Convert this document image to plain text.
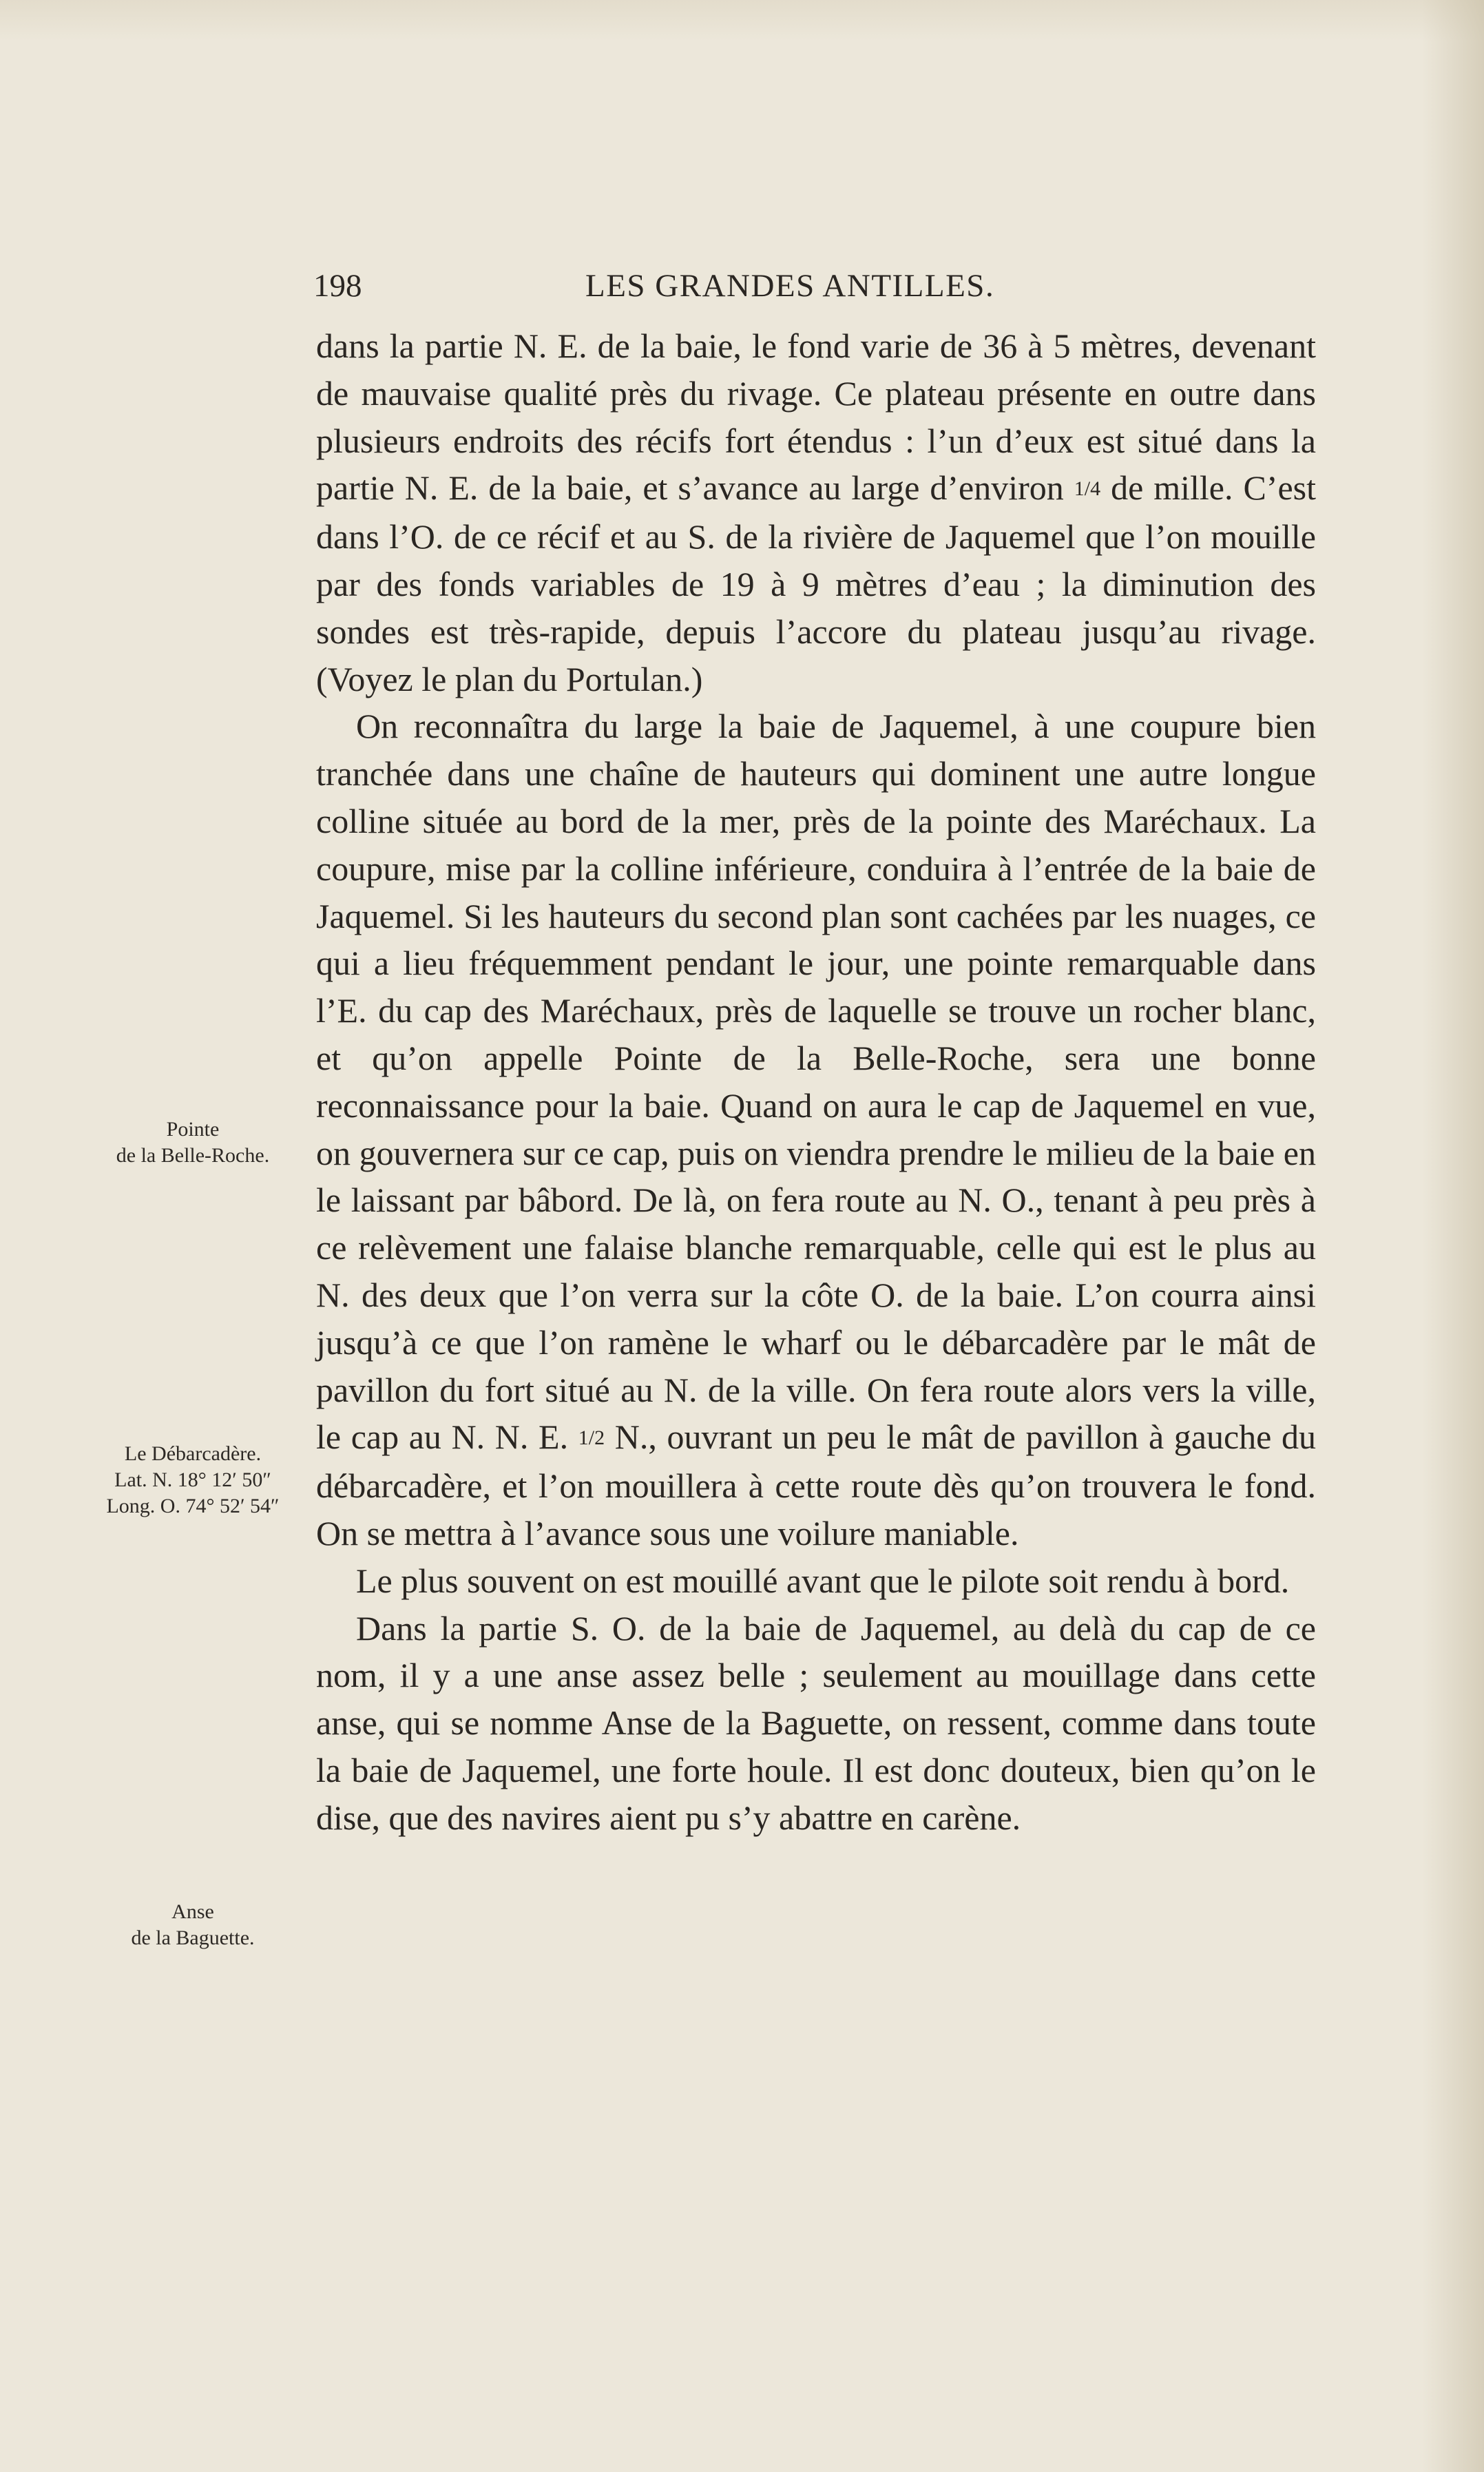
198	LES GRANDES ANTILLES.

dans la partie N. E. de la baie, le fond varie de 36 à 5 mètres, devenant de mauvaise qualité près du rivage. Ce plateau présente en outre dans plusieurs endroits des récifs fort étendus : l’un d’eux est situé dans la partie N. E. de la baie, et s’avance au large d’environ 1/4 de mille. C’est dans l’O. de ce récif et au S. de la rivière de Jaquemel que l’on mouille par des fonds variables de 19 à 9 mètres d’eau ; la diminution des sondes est très-rapide, depuis l’accore du plateau jusqu’au rivage. (Voyez le plan du Portulan.)

On reconnaîtra du large la baie de Jaquemel, à une coupure bien tranchée dans une chaîne de hauteurs qui dominent une autre longue colline située au bord de la mer, près de la pointe des Maréchaux. La coupure, mise par la colline inférieure, conduira à l’entrée de la baie de Jaquemel. Si les hauteurs du second plan sont cachées par les nuages, ce qui a lieu fréquemment pendant le jour, une pointe remarquable dans l’E. du cap des Maréchaux, près de laquelle se trouve un rocher blanc, et qu’on appelle Pointe de la Belle-Roche, sera une bonne reconnaissance pour la baie. Quand on aura le cap de Jaquemel en vue, on gouvernera sur ce cap, puis on viendra prendre le milieu de la baie en le laissant par bâbord. De là, on fera route au N. O., tenant à peu près à ce relèvement une falaise blanche remarquable, celle qui est le plus au N. des deux que l’on verra sur la côte O. de la baie. L’on courra ainsi jusqu’à ce que l’on ramène le wharf ou le débarcadère par le mât de pavillon du fort situé au N. de la ville. On fera route alors vers la ville, le cap au N. N. E. 1/2 N., ouvrant un peu le mât de pavillon à gauche du débarcadère, et l’on mouillera à cette route dès qu’on trouvera le fond. On se mettra à l’avance sous une voilure maniable.

Le plus souvent on est mouillé avant que le pilote soit rendu à bord.

Dans la partie S. O. de la baie de Jaquemel, au delà du cap de ce nom, il y a une anse assez belle ; seulement au mouillage dans cette anse, qui se nomme Anse de la Baguette, on ressent, comme dans toute la baie de Jaquemel, une forte houle. Il est donc douteux, bien qu’on le dise, que des navires aient pu s’y abattre en carène.

Pointe
de la Belle-Roche.
Le Débarcadère.
Lat. N. 18° 12′ 50″
Long. O. 74° 52′ 54″
Anse
de la Baguette.
